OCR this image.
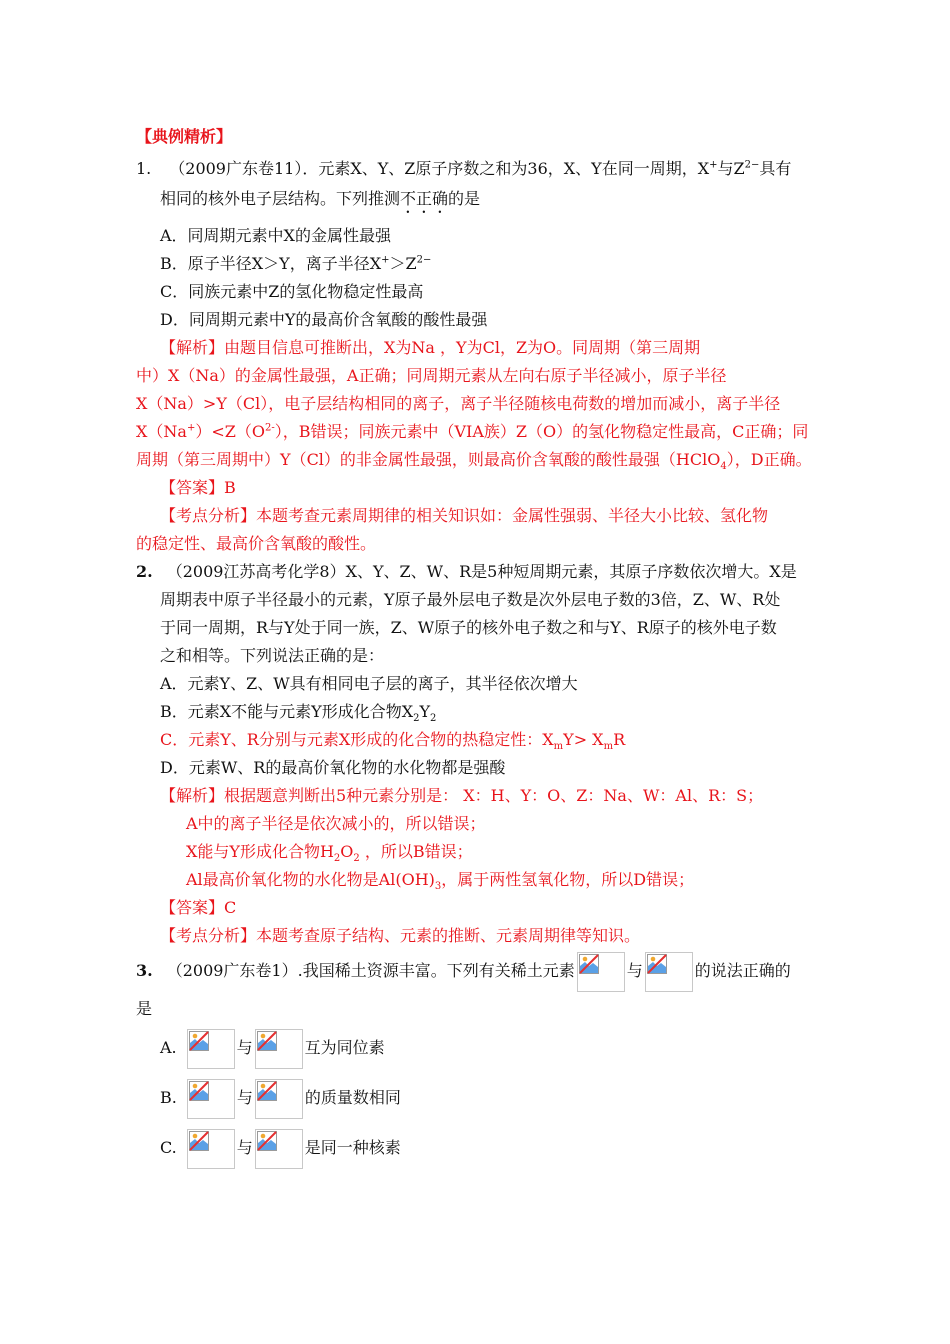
【典例精析】
1. （2009广东卷11）．元素X、Y、Z原子序数之和为36，X、Y在同一周期，X+与$Z^{2-}$具有
相同的核外电子层结构。下列推测不正确的是
A．同周期元素中X的金属性最强
B．原子半径X＞Y，离子半径$X^+>Z^{2-}$
C．同族元素中Z的氢化物稳定性最高
D．同周期元素中Y的最高价含氧酸的酸性最强
【解析】由题目信息可推断出，X为Na ，Y为Cl，Z为O。同周期（第三周期
中）X（Na）的金属性最强，A正确；同周期元素从左向右原子半径减小，原子半径
X（Na）>Y（Cl），电子层结构相同的离子，离子半径随核电荷数的增加而减小，离子半径
$X(Na^+)<Z(O^{2-})$，B错误；同族元素中（VIA族）Z（O）的氢化物稳定性最高，C正确；同
周期（第三周期中）Y（Cl）的非金属性最强，则最高价含氧酸的酸性最强（HClO$_4$），D正确。
【答案】B
【考点分析】本题考查元素周期律的相关知识如：金属性强弱、半径大小比较、氢化物
的稳定性、最高价含氧酸的酸性。
2. （2009江苏高考化学8）X、Y、Z、W、R是5种短周期元素，其原子序数依次增大。X是
周期表中原子半径最小的元素，Y原子最外层电子数是次外层电子数的3倍，Z、W、R处
于同一周期，R与Y处于同一族，Z、W原子的核外电子数之和与Y、R原子的核外电子数
之和相等。下列说法正确的是：
A．元素Y、Z、W具有相同电子层的离子，其半径依次增大
B．元素X不能与元素Y形成化合物$X_2Y_2$
C．元素Y、R分别与元素X形成的化合物的热稳定性：$X_mY> X_mR$
D．元素W、R的最高价氧化物的水化物都是强酸
【解析】根据题意判断出5种元素分别是： X：H、Y：O、Z：Na、W：Al、R：S；
A中的离子半径是依次减小的，所以错误；
X能与Y形成化合物$H_2O_2$ ，所以B错误；
Al最高价氧化物的水化物是$Al(OH)_3$，属于两性氢氧化物，所以D错误；
【答案】C
【考点分析】本题考查原子结构、元素的推断、元素周期律等知识。
3. （2009广东卷1）.我国稀土资源丰富。下列有关稀土元素	与	的说法正确的
是
A.	与	互为同位素
B.	与	的质量数相同
C.	与	是同一种核素
